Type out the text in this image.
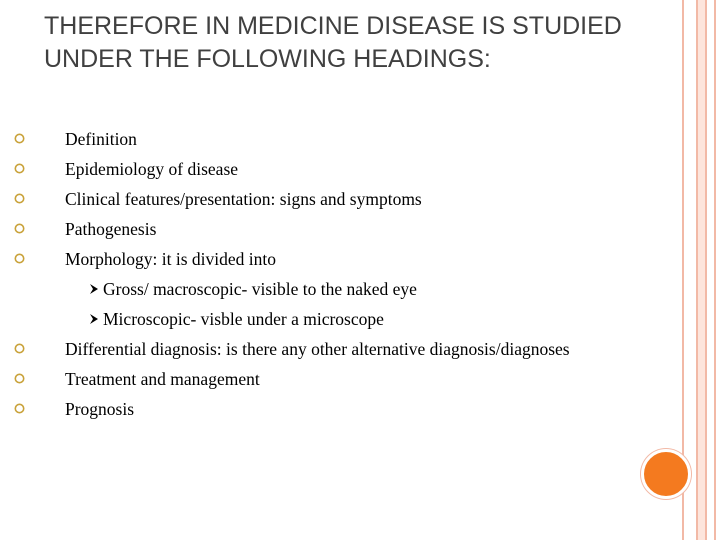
THEREFORE IN MEDICINE DISEASE IS STUDIED UNDER THE FOLLOWING HEADINGS:
Definition
Epidemiology of disease
Clinical features/presentation: signs and symptoms
Pathogenesis
Morphology: it is divided into
Gross/ macroscopic- visible to the naked eye
Microscopic- visble under a microscope
Differential diagnosis: is there any other alternative diagnosis/diagnoses
Treatment and management
Prognosis
